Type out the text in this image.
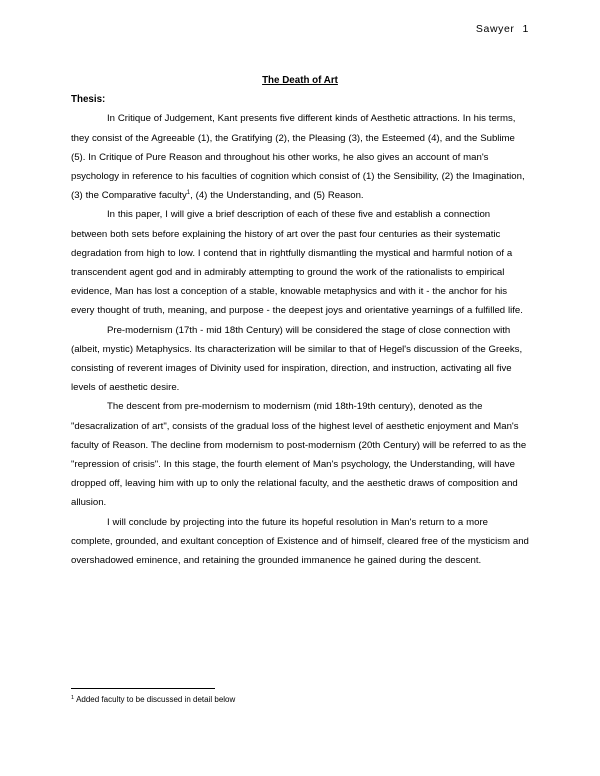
Sawyer 1
The Death of Art
Thesis:

In Critique of Judgement, Kant presents five different kinds of Aesthetic attractions. In his terms, they consist of the Agreeable (1), the Gratifying (2), the Pleasing (3), the Esteemed (4), and the Sublime (5). In Critique of Pure Reason and throughout his other works, he also gives an account of man's psychology in reference to his faculties of cognition which consist of (1) the Sensibility, (2) the Imagination, (3) the Comparative faculty$^1$, (4) the Understanding, and (5) Reason.

In this paper, I will give a brief description of each of these five and establish a connection between both sets before explaining the history of art over the past four centuries as their systematic degradation from high to low. I contend that in rightfully dismantling the mystical and harmful notion of a transcendent agent god and in admirably attempting to ground the work of the rationalists to empirical evidence, Man has lost a conception of a stable, knowable metaphysics and with it - the anchor for his every thought of truth, meaning, and purpose - the deepest joys and orientative yearnings of a fulfilled life.

Pre-modernism (17th - mid 18th Century) will be considered the stage of close connection with (albeit, mystic) Metaphysics. Its characterization will be similar to that of Hegel's discussion of the Greeks, consisting of reverent images of Divinity used for inspiration, direction, and instruction, activating all five levels of aesthetic desire.

The descent from pre-modernism to modernism (mid 18th-19th century), denoted as the "desacralization of art", consists of the gradual loss of the highest level of aesthetic enjoyment and Man's faculty of Reason. The decline from modernism to post-modernism (20th Century) will be referred to as the "repression of crisis". In this stage, the fourth element of Man's psychology, the Understanding, will have dropped off, leaving him with up to only the relational faculty, and the aesthetic draws of composition and allusion.

I will conclude by projecting into the future its hopeful resolution in Man's return to a more complete, grounded, and exultant conception of Existence and of himself, cleared free of the mysticism and overshadowed eminence, and retaining the grounded immanence he gained during the descent.

$^1$ Added faculty to be discussed in detail below
